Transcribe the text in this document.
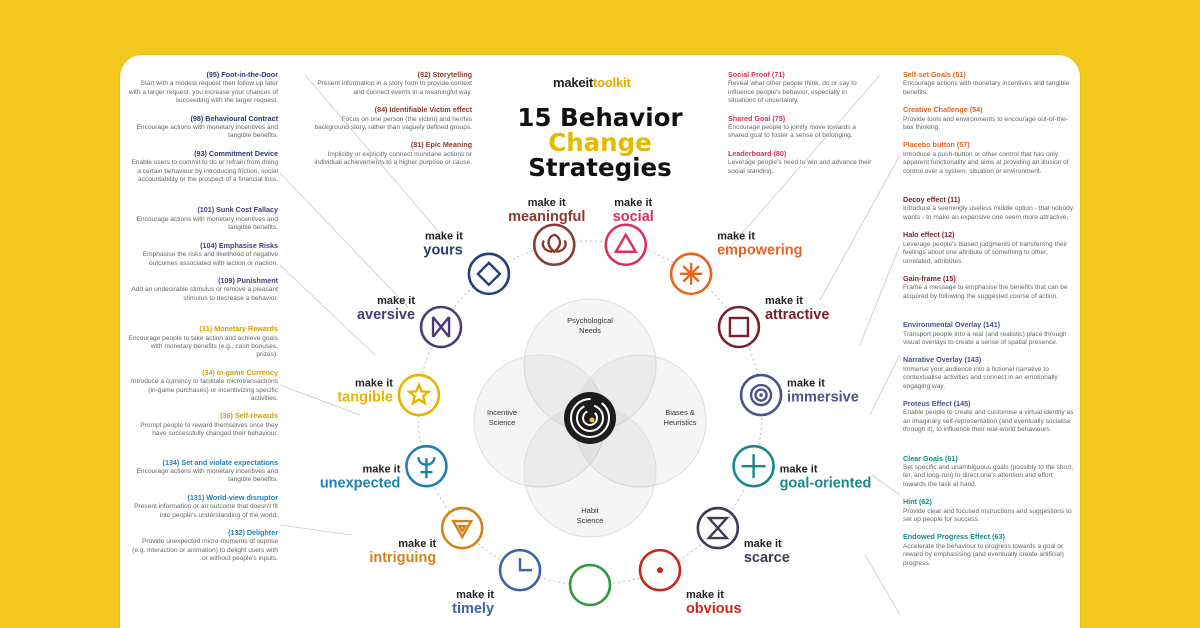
(95) Foot-in-the-Door
Start with a modest request then follow up later with a larger request, you increase your chances of succeeding with the larger request.
(98) Behavioural Contract
Encourage actions with monetary incentives and tangible benefits.
(93) Commitment Device
Enable users to commit to do or refrain from doing a certain behaviour by introducing friction, social accountability or the prospect of a financial loss.
(101) Sunk Cost Fallacy
Encourage actions with monetary incentives and tangible benefits.
(104) Emphasise Risks
Emphasise the risks and likelihood of negative outcomes associated with iaction or naction.
(109) Punishment
Add an undesirable stimulus or remove a pleasant stimulus to decrease a behavior.
(31) Monetary Rewards
Encourage people to take action and achieve goals with monetary benefits (e.g., cash bonuses, prizes).
(34) In-game Currency
Introduce a currency to facilitate microtransactions (in-game purchases) or incentivizing specific activities.
(36) Self-rewards
Prompt people to reward themselves once they have successfully changed their behaviour.
(134) Set and violate expectations
Encourage actions with monetary incentives and tangible benefits.
(131) World-view disruptor
Present information or an outcome that doesn't fit into people's understanding of the world.
(132) Delighter
Provide unexpected micro-moments of suprise (e.g. interaction or animation) to delight users with or without people's inputs.
(82) Storytelling
Present information in a story form to provide context and connect events in a meaningful way.
(84) Identifiable Victim effect
Focus on one person (the victim) and her/his background story, rather than vaguely defined groups.
(81) Epic Meaning
Implicitly or explicitly connect mundane actions or individual achievements to a higher purpose or cause.
Social Proof (71)
Reveal what other people think, do or say to influence people's behavior, especially in situations of uncertainty.
Shared Goal (75)
Encourage people to jointly move towards a shared goal to foster a sense of belonging.
Leaderboard (80)
Leverage people's need to win and advance their social standing.
Self-set Goals (51)
Encourage actions with monetary incentives and tangible benefits.
Creative Challenge (54)
Provide tools and environments to encourage out-of-the-box thinking.
Placebo button (57)
Introduce a push-button or other control that has only apparent functionality and aims at providing an illusion of control over a system, situation or environment.
Decoy effect (11)
Introduce a seemingly useless middle option - that nobody wants - to make an expensive one seem more attractive.
Halo effect (12)
Leverage people's biased judgments of transferring their feelings about one attribute of something to other, unrelated, attributes.
Gain-frame (15)
Frame a message to emphasise the benefits that can be acquired by following the suggested course of action.
Environmental Overlay (141)
Transport people into a real (and realistic) place through visual overlays to create a sense of spatial presence.
Narrative Overlay (143)
Immerse your audience into a fictional narrative to contextualise activities and connect in an emotionally engaging way.
Proteus Effect (145)
Enable people to create and customise a virtual identity as an imaginary self-representation (and eventually socialise through it), to influence their real-world behaviours.
Clear Goals (61)
Set specific and unambiguous goals (possibly to the short, ter, and long-run) to direct one's attention and effort towards the task at hand.
Hint (62)
Provide clear and focused instructions and suggestions to set up people for success.
Endowed Progress Effect (63)
Accelerate the behaviour to progress towards a goal or reward by emphasising (and eventually create artificial) progress.
makeittoolkit
15 Behavior
Change
Strategies
Psychological Needs
Incentive Science
Biases & Heuristics
Habit Science
make it
meaningful
make it
social
make it
empowering
make it
attractive
make it
immersive
make it
goal-oriented
make it
scarce
make it
obvious
make it
timely
make it
intriguing
make it
unexpected
make it
tangible
make it
aversive
make it
yours
